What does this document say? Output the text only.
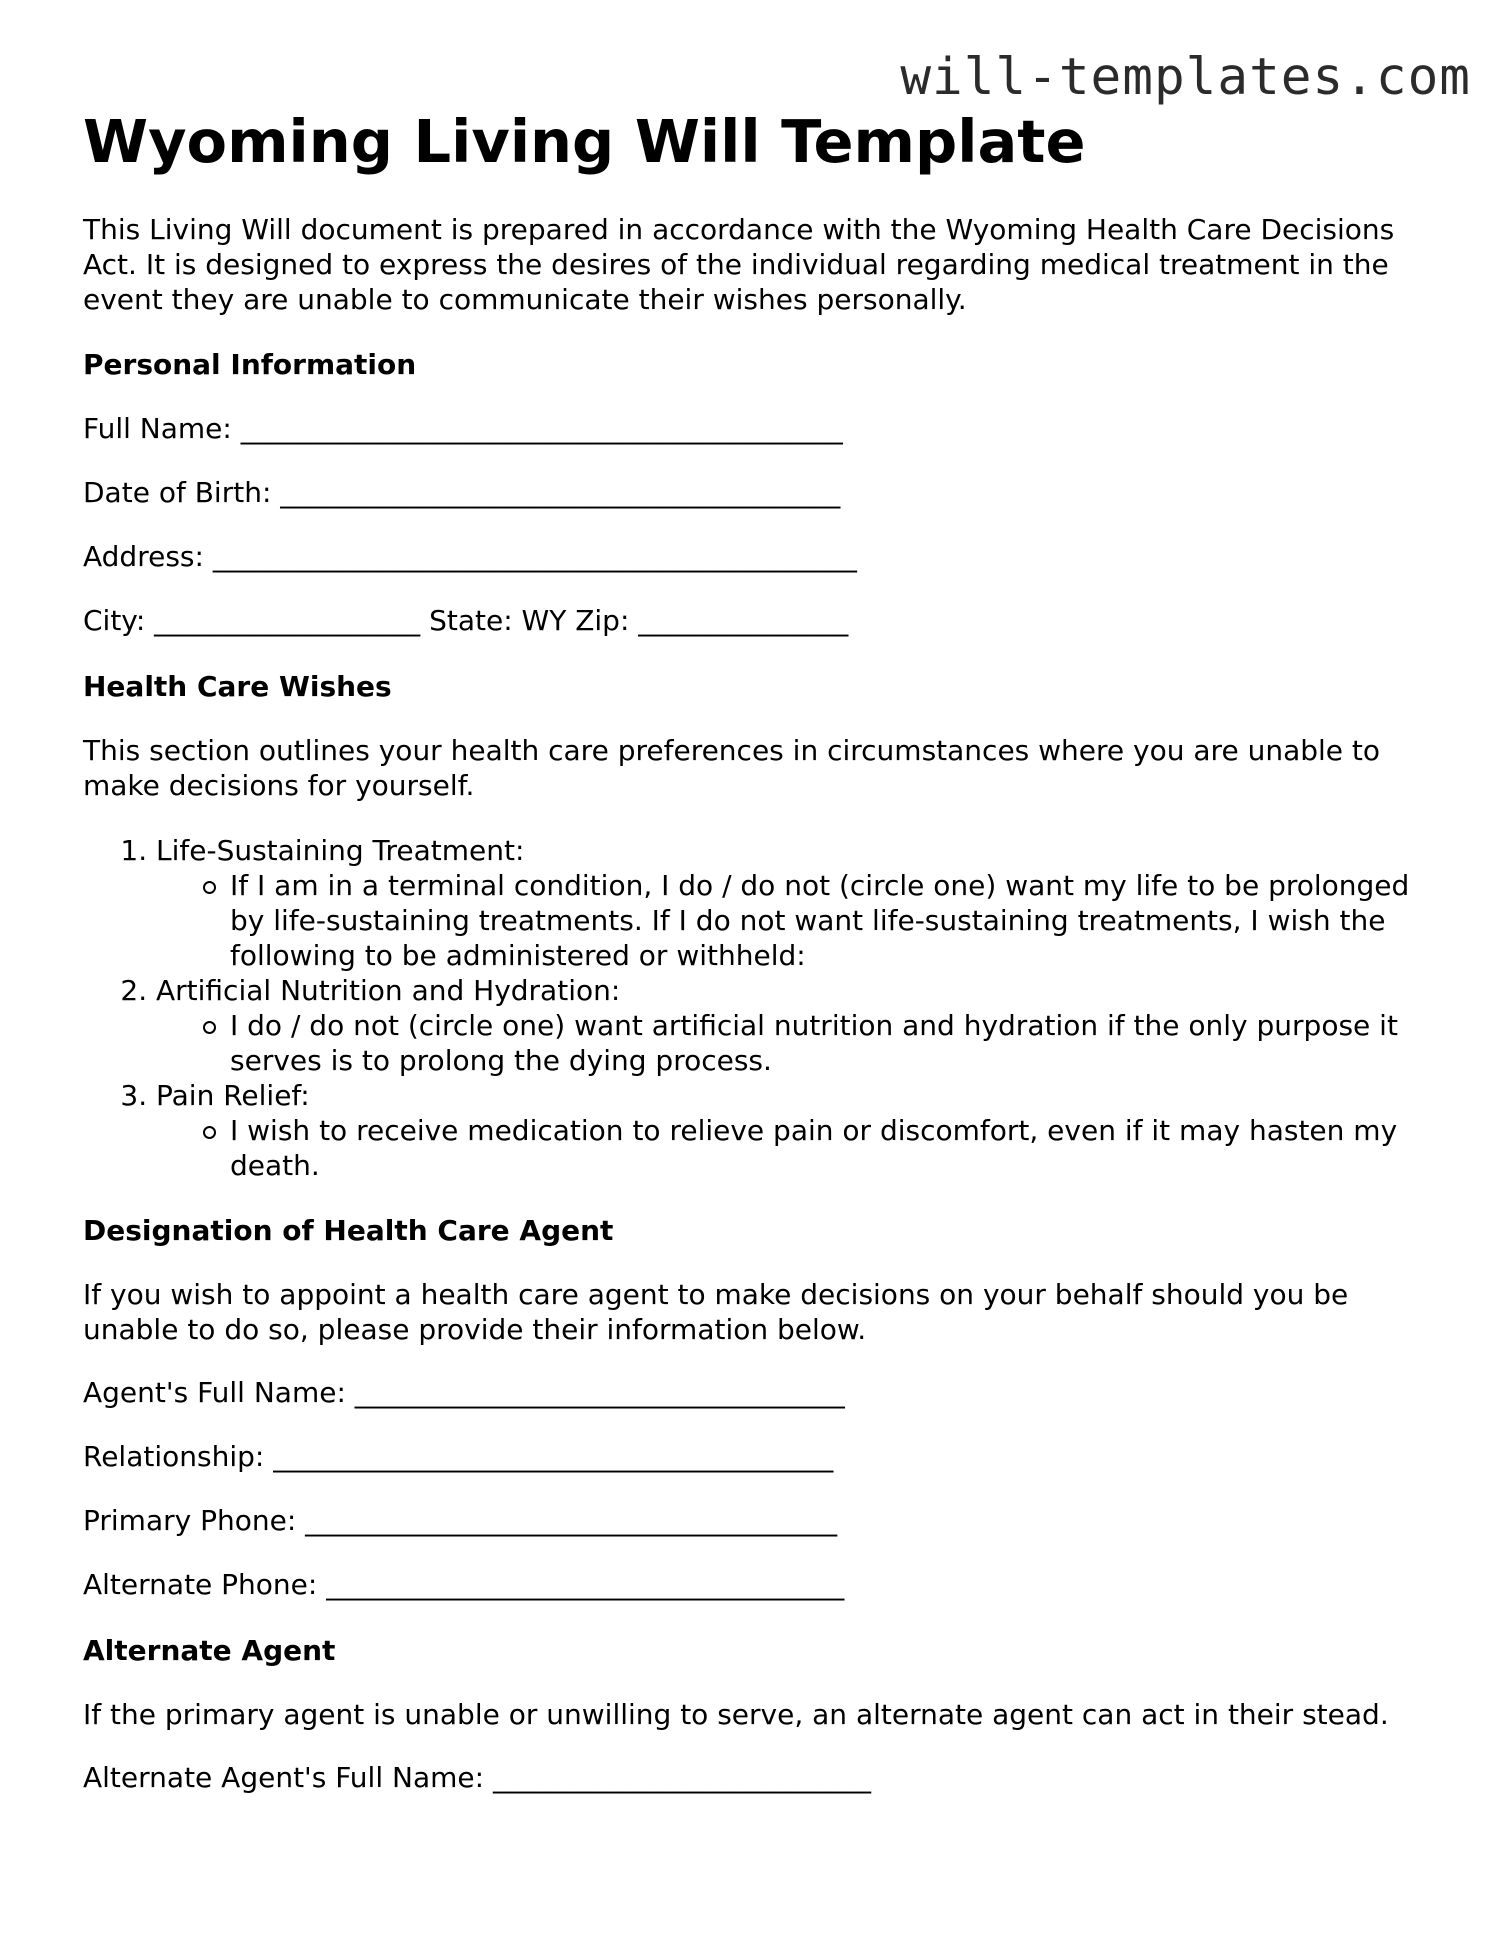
will-templates.com
Wyoming Living Will Template

This Living Will document is prepared in accordance with the Wyoming Health Care Decisions Act. It is designed to express the desires of the individual regarding medical treatment in the event they are unable to communicate their wishes personally.

Personal Information
Full Name: ___________________________________________
Date of Birth: ________________________________________
Address: ______________________________________________
City: ___________________ State: WY Zip: _______________
Health Care Wishes

This section outlines your health care preferences in circumstances where you are unable to make decisions for yourself.

1. Life-Sustaining Treatment:
If I am in a terminal condition, I do / do not (circle one) want my life to be prolonged by life-sustaining treatments. If I do not want life-sustaining treatments, I wish the following to be administered or withheld:
2. Artificial Nutrition and Hydration:
I do / do not (circle one) want artificial nutrition and hydration if the only purpose it serves is to prolong the dying process.
3. Pain Relief:
I wish to receive medication to relieve pain or discomfort, even if it may hasten my death.
Designation of Health Care Agent

If you wish to appoint a health care agent to make decisions on your behalf should you be unable to do so, please provide their information below.

Agent's Full Name: ___________________________________
Relationship: ________________________________________
Primary Phone: ______________________________________
Alternate Phone: _____________________________________
Alternate Agent

If the primary agent is unable or unwilling to serve, an alternate agent can act in their stead.

Alternate Agent's Full Name: ___________________________
